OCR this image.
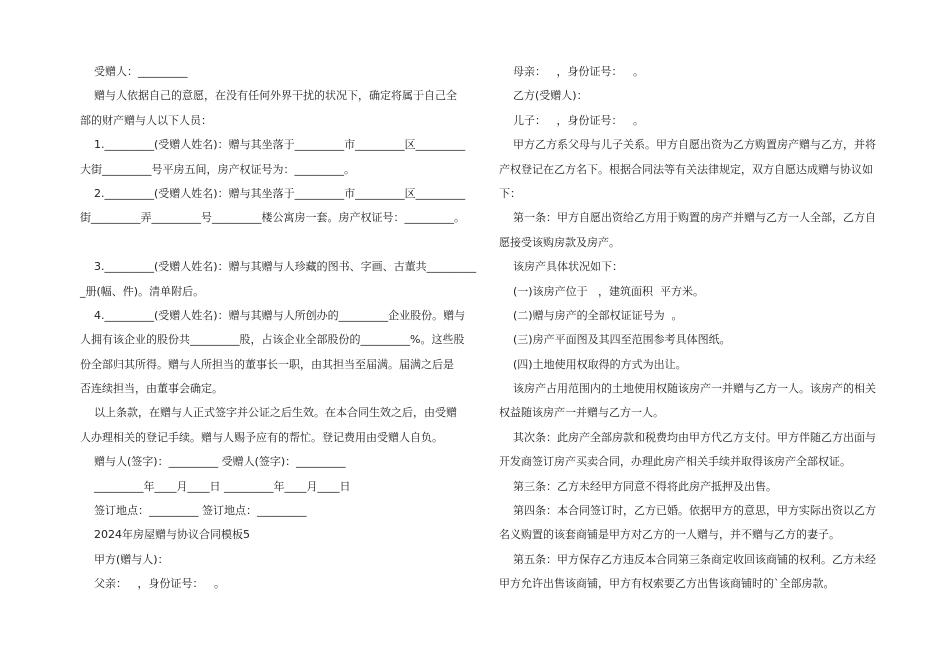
受赠人：_________
赠与人依据自己的意愿，在没有任何外界干扰的状况下，确定将属于自己全
部的财产赠与人以下人员：
1._________(受赠人姓名)：赠与其坐落于_________市_________区_________
大街_________号平房五间，房产权证号为：_________。
2._________(受赠人姓名)：赠与其坐落于_________市_________区_________
街_________弄_________号_________楼公寓房一套。房产权证号：_________。
3._________(受赠人姓名)：赠与其赠与人珍藏的图书、字画、古董共_________
_册(幅、件)。清单附后。
4._________(受赠人姓名)：赠与其赠与人所创办的_________企业股份。赠与
人拥有该企业的股份共_________股，占该企业全部股份的_________%。这些股
份全部归其所得。赠与人所担当的董事长一职，由其担当至届满。届满之后是
否连续担当，由董事会确定。
以上条款，在赠与人正式签字并公证之后生效。在本合同生效之后，由受赠
人办理相关的登记手续。赠与人赐予应有的帮忙。登记费用由受赠人自负。
赠与人(签字)：_________ 受赠人(签字)：_________
_________年____月____日 _________年____月____日
签订地点：_________ 签订地点：_________
2024年房屋赠与协议合同模板5
甲方(赠与人)：
父亲：   ，身份证号：   。
母亲：   ，身份证号：   。
乙方(受赠人)：
儿子：   ，身份证号：   。
甲方乙方系父母与儿子关系。甲方自愿出资为乙方购置房产赠与乙方，并将
产权登记在乙方名下。根据合同法等有关法律规定，双方自愿达成赠与协议如
下：
第一条：甲方自愿出资给乙方用于购置的房产并赠与乙方一人全部，乙方自
愿接受该购房款及房产。
该房产具体状况如下：
(一)该房产位于   ，建筑面积  平方米。
(二)赠与房产的全部权证证号为  。
(三)房产平面图及其四至范围参考具体图纸。
(四)土地使用权取得的方式为出让。
该房产占用范围内的土地使用权随该房产一并赠与乙方一人。该房产的相关
权益随该房产一并赠与乙方一人。
其次条：此房产全部房款和税费均由甲方代乙方支付。甲方伴随乙方出面与
开发商签订房产买卖合同，办理此房产相关手续并取得该房产全部权证。
第三条：乙方未经甲方同意不得将此房产抵押及出售。
第四条：本合同签订时，乙方已婚。依据甲方的意思，甲方实际出资以乙方
名义购置的该套商铺是甲方对乙方的一人赠与，并不赠与乙方的妻子。
第五条：甲方保存乙方违反本合同第三条商定收回该商铺的权利。乙方未经
甲方允许出售该商铺，甲方有权索要乙方出售该商铺时的`全部房款。
